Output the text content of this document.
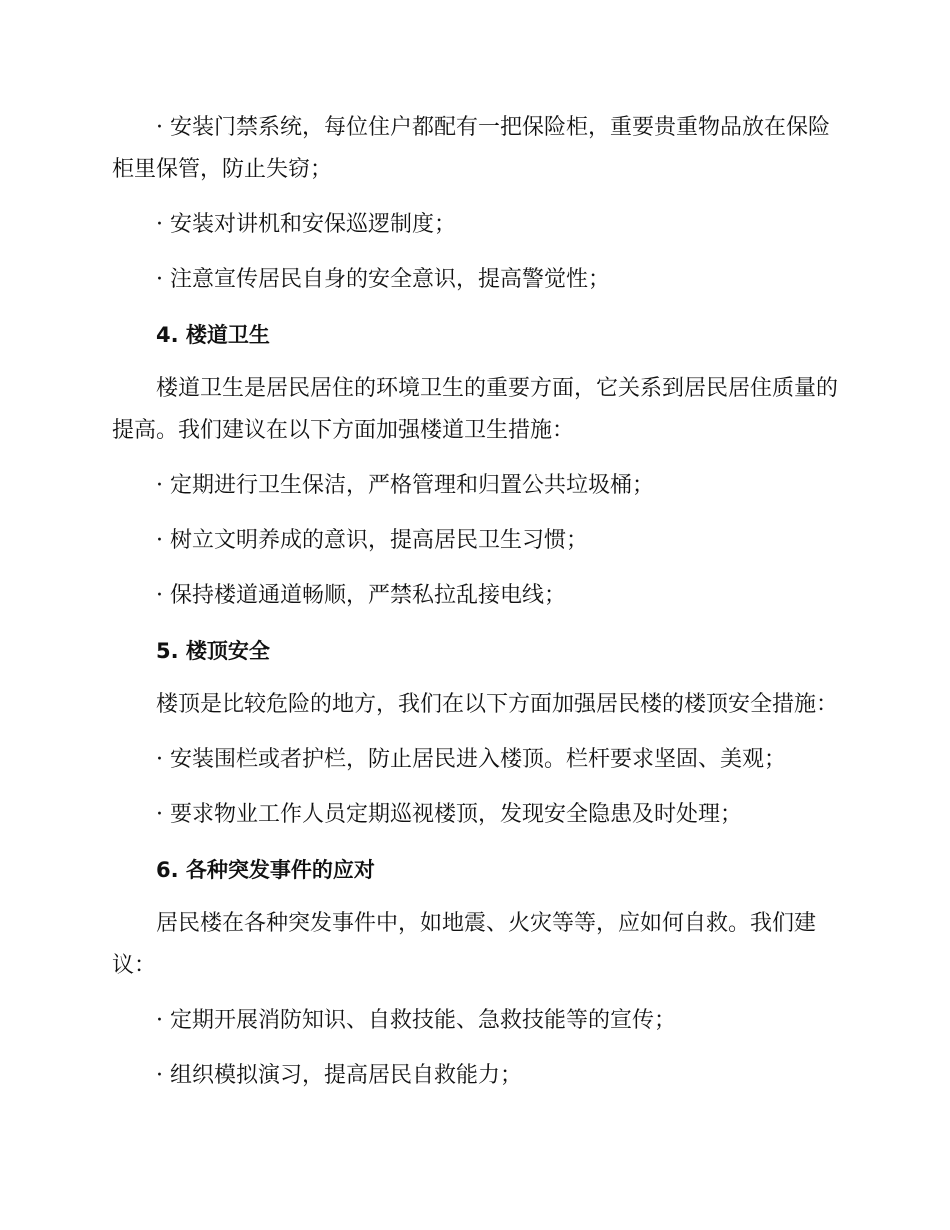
· 安装门禁系统，每位住户都配有一把保险柜，重要贵重物品放在保险
柜里保管，防止失窃；
· 安装对讲机和安保巡逻制度；
· 注意宣传居民自身的安全意识，提高警觉性；
4. 楼道卫生
楼道卫生是居民居住的环境卫生的重要方面，它关系到居民居住质量的
提高。我们建议在以下方面加强楼道卫生措施：
· 定期进行卫生保洁，严格管理和归置公共垃圾桶；
· 树立文明养成的意识，提高居民卫生习惯；
· 保持楼道通道畅顺，严禁私拉乱接电线；
5. 楼顶安全
楼顶是比较危险的地方，我们在以下方面加强居民楼的楼顶安全措施：
· 安装围栏或者护栏，防止居民进入楼顶。栏杆要求坚固、美观；
· 要求物业工作人员定期巡视楼顶，发现安全隐患及时处理；
6. 各种突发事件的应对
居民楼在各种突发事件中，如地震、火灾等等，应如何自救。我们建
议：
· 定期开展消防知识、自救技能、急救技能等的宣传；
· 组织模拟演习，提高居民自救能力；
